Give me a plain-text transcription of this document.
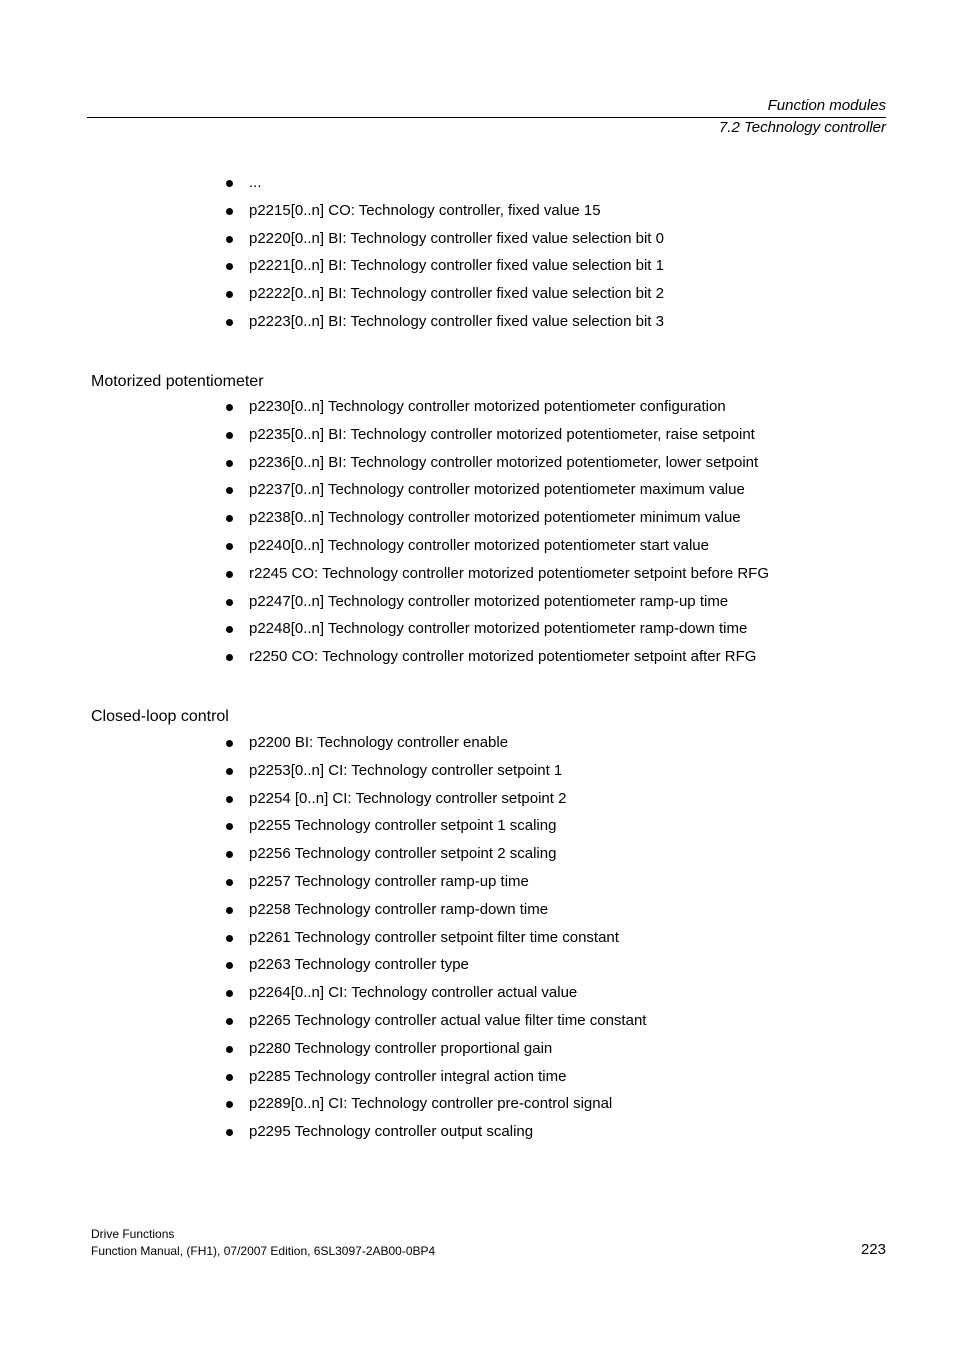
Function modules
7.2 Technology controller
...
p2215[0..n] CO: Technology controller, fixed value 15
p2220[0..n] BI: Technology controller fixed value selection bit 0
p2221[0..n] BI: Technology controller fixed value selection bit 1
p2222[0..n] BI: Technology controller fixed value selection bit 2
p2223[0..n] BI: Technology controller fixed value selection bit 3
Motorized potentiometer
p2230[0..n] Technology controller motorized potentiometer configuration
p2235[0..n] BI: Technology controller motorized potentiometer, raise setpoint
p2236[0..n] BI: Technology controller motorized potentiometer, lower setpoint
p2237[0..n] Technology controller motorized potentiometer maximum value
p2238[0..n] Technology controller motorized potentiometer minimum value
p2240[0..n] Technology controller motorized potentiometer start value
r2245 CO: Technology controller motorized potentiometer setpoint before RFG
p2247[0..n] Technology controller motorized potentiometer ramp-up time
p2248[0..n] Technology controller motorized potentiometer ramp-down time
r2250 CO: Technology controller motorized potentiometer setpoint after RFG
Closed-loop control
p2200 BI: Technology controller enable
p2253[0..n] CI: Technology controller setpoint 1
p2254 [0..n] CI: Technology controller setpoint 2
p2255 Technology controller setpoint 1 scaling
p2256 Technology controller setpoint 2 scaling
p2257 Technology controller ramp-up time
p2258 Technology controller ramp-down time
p2261 Technology controller setpoint filter time constant
p2263 Technology controller type
p2264[0..n] CI: Technology controller actual value
p2265 Technology controller actual value filter time constant
p2280 Technology controller proportional gain
p2285 Technology controller integral action time
p2289[0..n] CI: Technology controller pre-control signal
p2295 Technology controller output scaling
Drive Functions
Function Manual, (FH1), 07/2007 Edition, 6SL3097-2AB00-0BP4	223
